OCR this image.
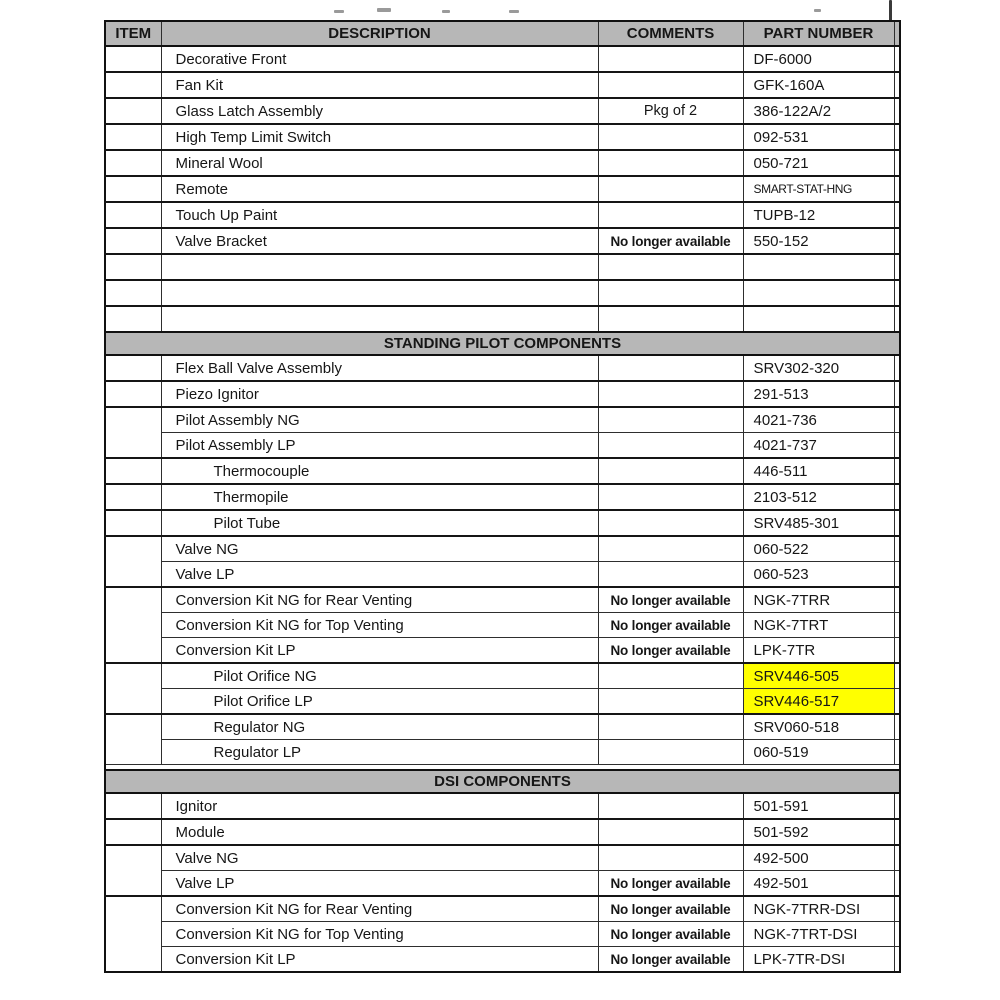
ITEM	DESCRIPTION	COMMENTS	PART NUMBER	
	Decorative Front		DF-6000	
	Fan Kit		GFK-160A	
	Glass Latch Assembly	Pkg of 2	386-122A/2	
	High Temp Limit Switch		092-531	
	Mineral Wool		050-721	
	Remote		SMART-STAT-HNG	
	Touch Up Paint		TUPB-12	
	Valve Bracket	No longer available	550-152	

STANDING PILOT COMPONENTS				
	Flex Ball Valve Assembly		SRV302-320	
	Piezo Ignitor		291-513	
	Pilot Assembly NG		4021-736	
	Pilot Assembly LP		4021-737	
	Thermocouple		446-511	
	Thermopile		2103-512	
	Pilot Tube		SRV485-301	
	Valve NG		060-522	
	Valve LP		060-523	
	Conversion Kit NG for Rear Venting	No longer available	NGK-7TRR	
	Conversion Kit NG for Top Venting	No longer available	NGK-7TRT	
	Conversion Kit LP	No longer available	LPK-7TR	
	Pilot Orifice NG		SRV446-505	
	Pilot Orifice LP		SRV446-517	
	Regulator NG		SRV060-518	
	Regulator LP		060-519	

DSI COMPONENTS				
	Ignitor		501-591	
	Module		501-592	
	Valve NG		492-500	
	Valve LP	No longer available	492-501	
	Conversion Kit NG for Rear Venting	No longer available	NGK-7TRR-DSI	
	Conversion Kit NG for Top Venting	No longer available	NGK-7TRT-DSI	
	Conversion Kit LP	No longer available	LPK-7TR-DSI	
